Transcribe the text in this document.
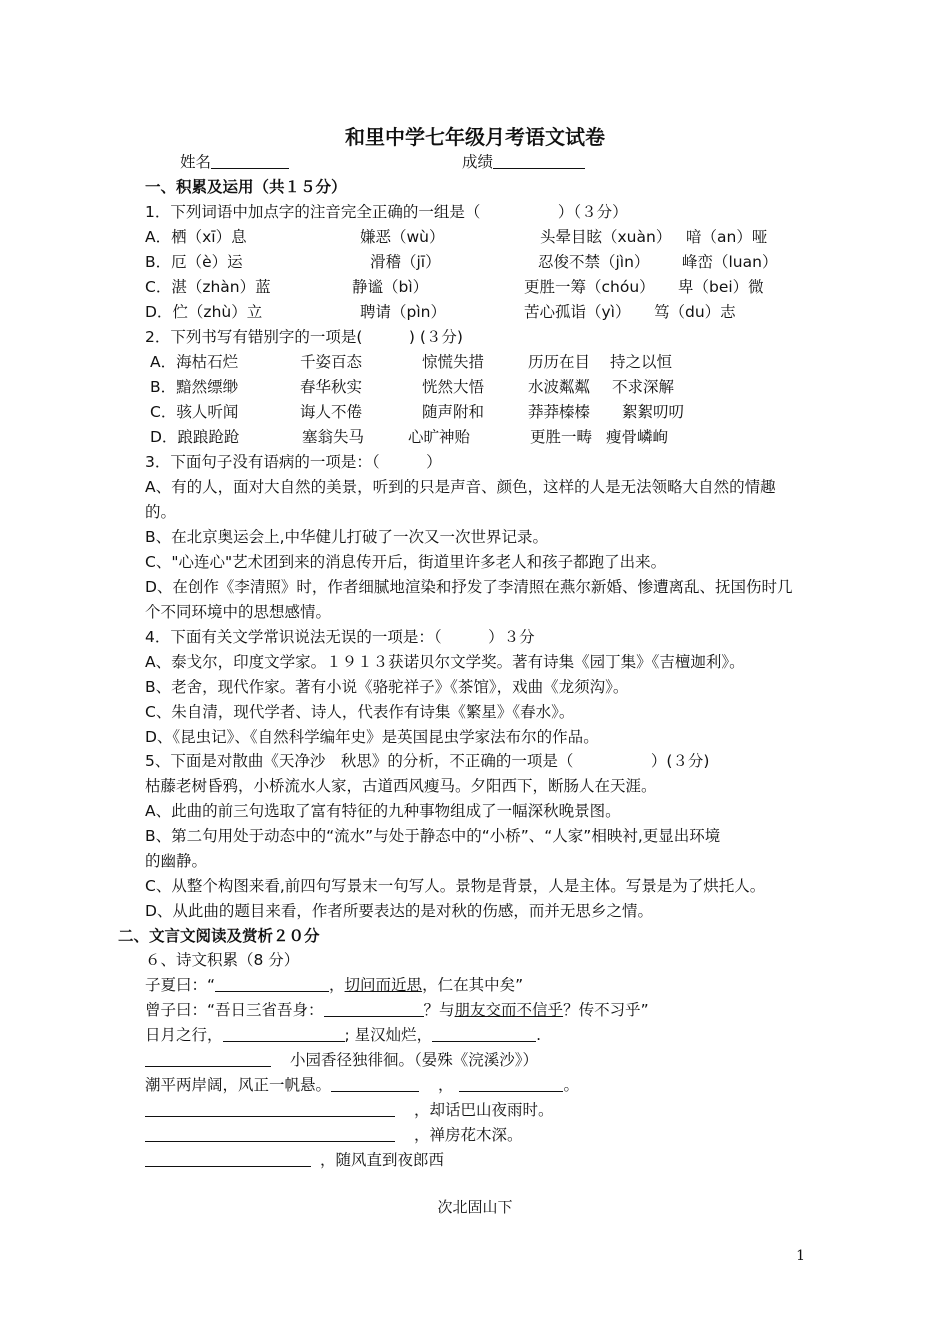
和里中学七年级月考语文试卷
姓名	成绩
一、积累及运用（共１５分）
1．下列词语中加点字的注音完全正确的一组是（　　　　　）（３分）
A．栖（xī）息	嫌恶（wù）	头晕目眩（xuàn） 喑（an）哑
B．厄（è）运	滑稽（jī）	忍俊不禁（jìn） 峰峦（luan）
C．湛（zhàn）蓝	静谧（bì）	更胜一筹（chóu） 卑（bei）微
D．伫（zhù）立	聘请（pìn）	苦心孤诣（yì） 笃（du）志
2．下列书写有错别字的一项是(　　　) (３分)
A．海枯石烂	千姿百态	惊慌失措	历历在目 持之以恒
B．黯然缥缈	春华秋实	恍然大悟	水波粼粼 不求深解
C．骇人听闻	诲人不倦	随声附和	莽莽榛榛 絮絮叨叨
D．踉踉跄跄	塞翁失马	心旷神贻	更胜一畴 瘦骨嶙峋
3．下面句子没有语病的一项是：（　　　）
A、有的人，面对大自然的美景，听到的只是声音、颜色，这样的人是无法领略大自然的情趣
的。
B、在北京奥运会上,中华健儿打破了一次又一次世界记录。
C、"心连心"艺术团到来的消息传开后，街道里许多老人和孩子都跑了出来。
D、在创作《李清照》时，作者细腻地渲染和抒发了李清照在燕尔新婚、惨遭离乱、抚国伤时几
个不同环境中的思想感情。
4．下面有关文学常识说法无误的一项是：（　　　）３分
A、泰戈尔，印度文学家。１９１３获诺贝尔文学奖。著有诗集《园丁集》《吉檀迦利》。
B、老舍，现代作家。著有小说《骆驼祥子》《茶馆》，戏曲《龙须沟》。
C、朱自清，现代学者、诗人，代表作有诗集《繁星》《春水》。
D、《昆虫记》、《自然科学编年史》是英国昆虫学家法布尔的作品。
5、下面是对散曲《天净沙　秋思》的分析，不正确的一项是（　　　　　）(３分)
枯藤老树昏鸦，小桥流水人家，古道西风瘦马。夕阳西下，断肠人在天涯。
A、此曲的前三句选取了富有特征的九种事物组成了一幅深秋晚景图。
B、第二句用处于动态中的“流水”与处于静态中的“小桥”、“人家”相映衬,更显出环境
的幽静。
C、从整个构图来看,前四句写景末一句写人。景物是背景，人是主体。写景是为了烘托人。
D、从此曲的题目来看，作者所要表达的是对秋的伤感，而并无思乡之情。
二、文言文阅读及赏析２０分
６、诗文积累（8 分）
子夏曰：“	，切问而近思，仁在其中矣”
曾子曰：“吾日三省吾身：	？与朋友交而不信乎？传不习乎”
日月之行，	; 星汉灿烂，	.
小园香径独徘徊。（晏殊《浣溪沙》）
潮平两岸阔，风正一帆悬。	，	。
，却话巴山夜雨时。
，禅房花木深。
，随风直到夜郎西
次北固山下
1
